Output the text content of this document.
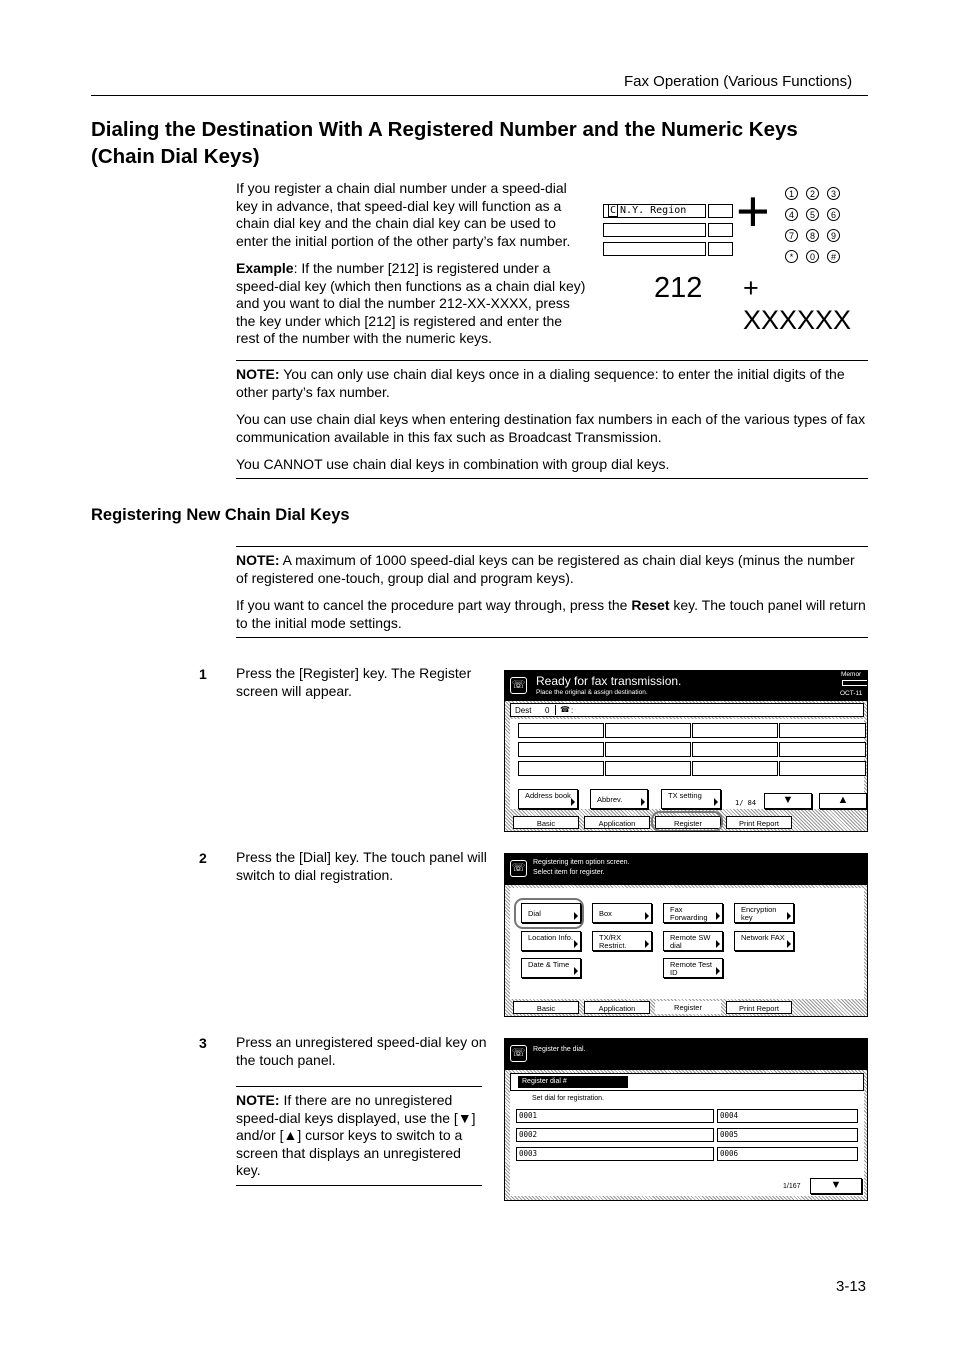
Fax Operation (Various Functions)
Dialing the Destination With A Registered Number and the Numeric Keys (Chain Dial Keys)
If you register a chain dial number under a speed-dial key in advance, that speed-dial key will function as a chain dial key and the chain dial key can be used to enter the initial portion of the other party’s fax number.
Example: If the number [212] is registered under a speed-dial key (which then functions as a chain dial key) and you want to dial the number 212-XX-XXXX, press the key under which [212] is registered and enter the rest of the number with the numeric keys.
C N.Y. Region +	1	2	3
4	5	6
7	8	9
*	0	#
212 + XXXXXX
NOTE: You can only use chain dial keys once in a dialing sequence: to enter the initial digits of the other party’s fax number.
You can use chain dial keys when entering destination fax numbers in each of the various types of fax communication available in this fax such as Broadcast Transmission.
You CANNOT use chain dial keys in combination with group dial keys.
Registering New Chain Dial Keys
NOTE: A maximum of 1000 speed-dial keys can be registered as chain dial keys (minus the number of registered one-touch, group dial and program keys).
If you want to cancel the procedure part way through, press the Reset key. The touch panel will return to the initial mode settings.
1 Press the [Register] key. The Register screen will appear.
2 Press the [Dial] key. The touch panel will switch to dial registration.
3 Press an unregistered speed-dial key on the touch panel.
NOTE: If there are no unregistered speed-dial keys displayed, use the [▼] and/or [▲] cursor keys to switch to a screen that displays an unregistered key.
☏ Ready for fax transmission.
Place the original & assign destination.
Memor
OCT-11
Dest 0 ☎ :
Address book	Abbrev.	TX setting
1/ 84	▼	▲
Basic	Application	Register	Print Report
☏ Registering item option screen.
Select item for register.
Dial	Box	Fax Forwarding
Encryption key
Location Info.	TX/RX Restrict.
Remote SW dial
Network FAX
Date & Time	Remote Test ID
Basic	Application	Register	Print Report
☏ Register the dial.
Register dial #
Set dial for registration.
0001	0004
0002	0005
0003	0006
1/167	▼
3-13
